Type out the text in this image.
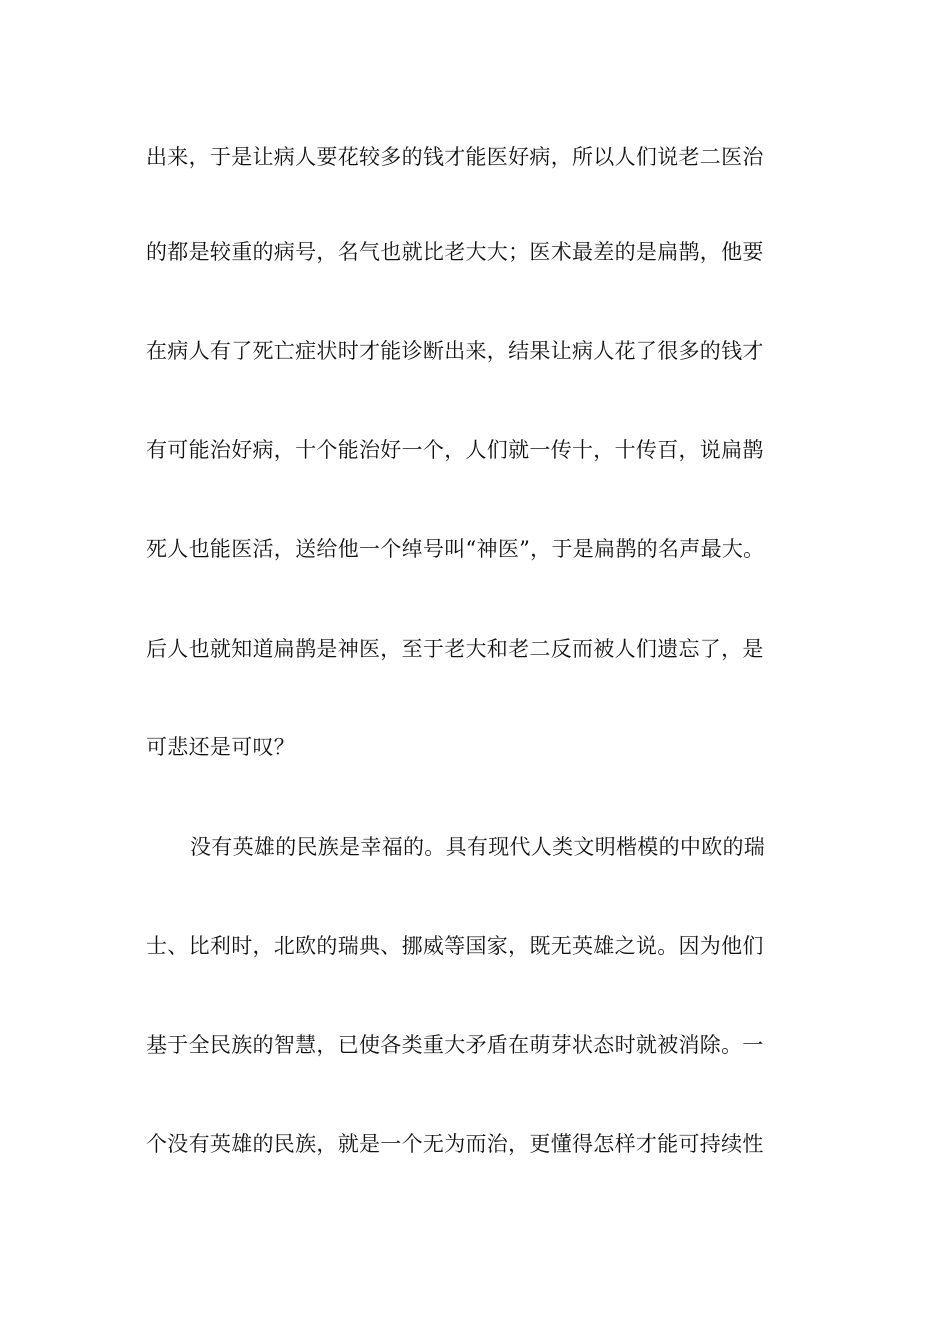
出来，于是让病人要花较多的钱才能医好病，所以人们说老二医治
的都是较重的病号，名气也就比老大大；医术最差的是扁鹊，他要
在病人有了死亡症状时才能诊断出来，结果让病人花了很多的钱才
有可能治好病，十个能治好一个，人们就一传十，十传百，说扁鹊
死人也能医活，送给他一个绰号叫“神医”，于是扁鹊的名声最大。
后人也就知道扁鹊是神医，至于老大和老二反而被人们遗忘了，是
可悲还是可叹？
没有英雄的民族是幸福的。具有现代人类文明楷模的中欧的瑞
士、比利时，北欧的瑞典、挪威等国家，既无英雄之说。因为他们
基于全民族的智慧，已使各类重大矛盾在萌芽状态时就被消除。一
个没有英雄的民族，就是一个无为而治，更懂得怎样才能可持续性
